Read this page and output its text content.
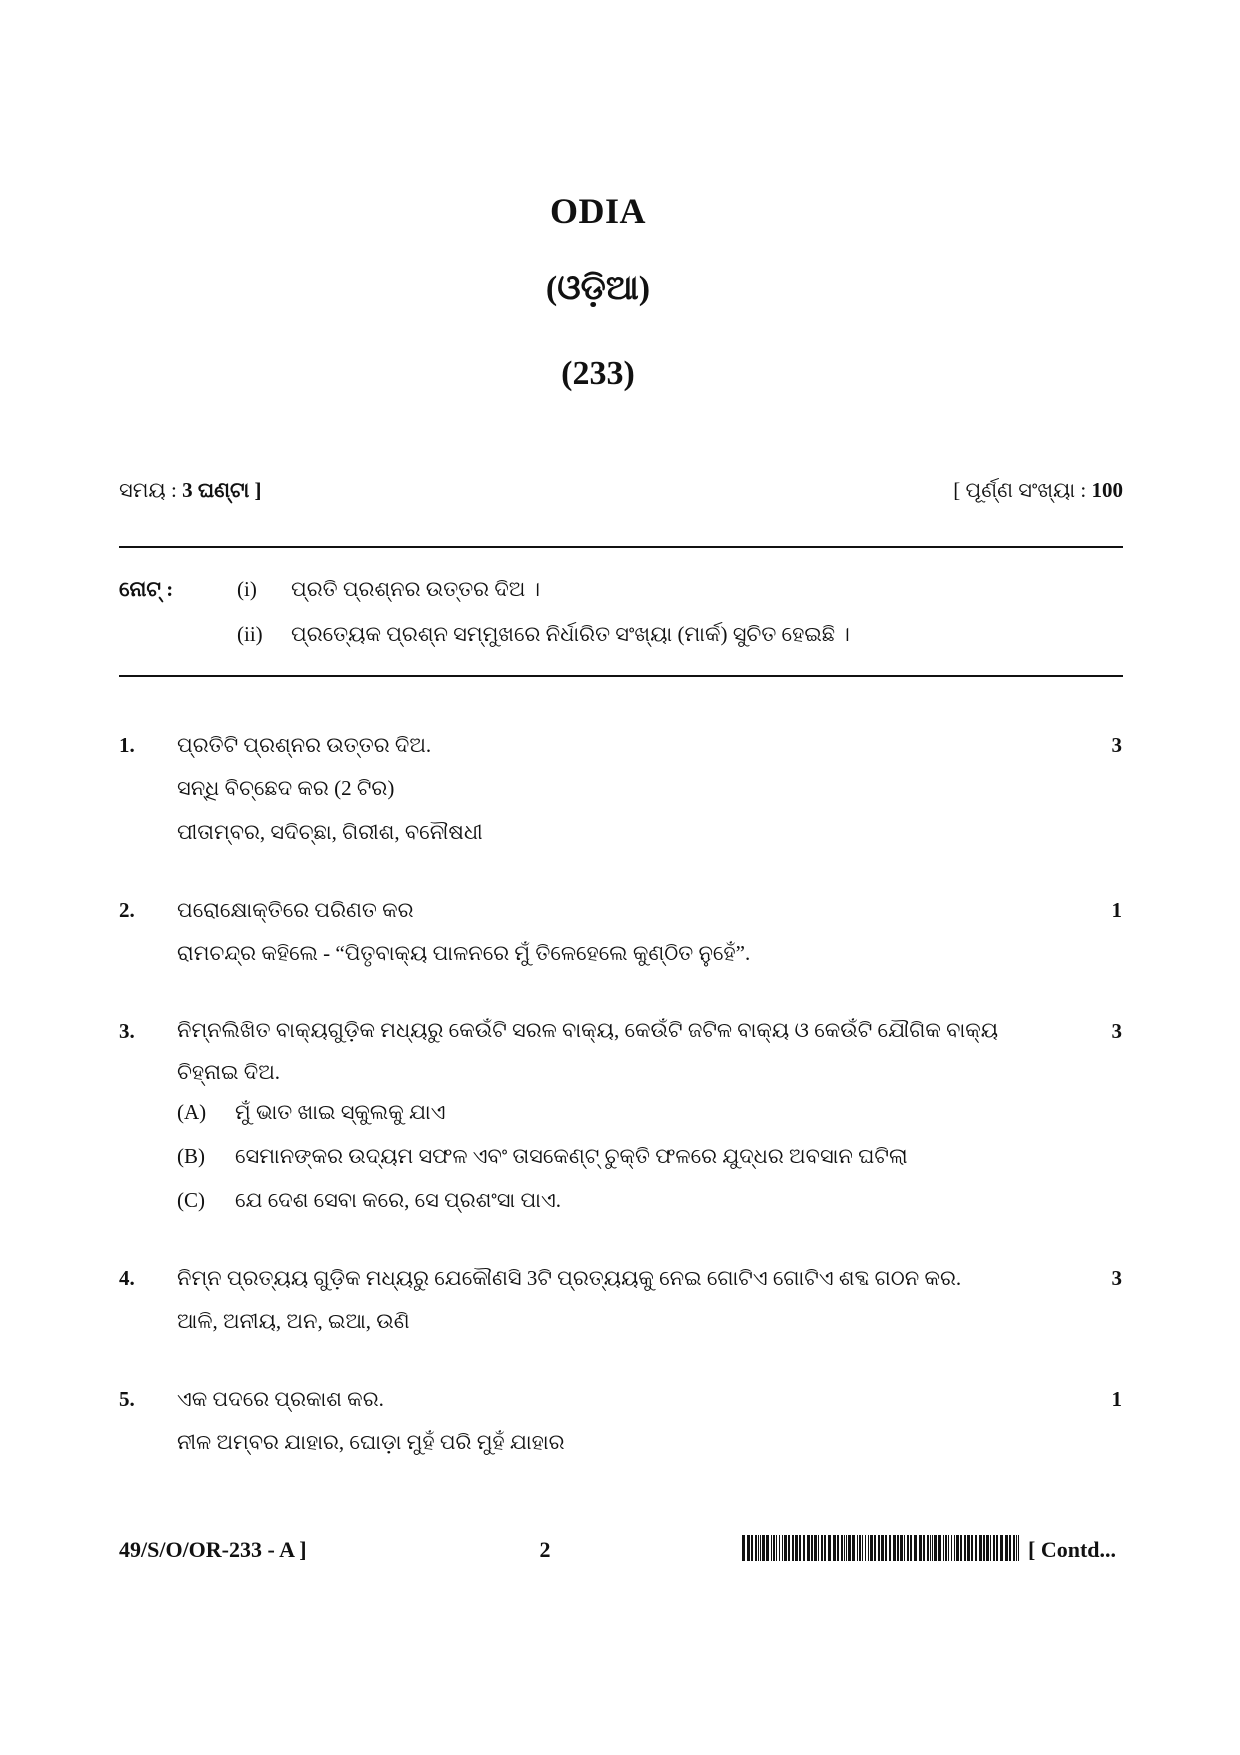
ODIA
(ଓଡ଼ିଆ)
(233)
ସମୟ : 3 ଘଣ୍ଟା ]	[ ପୂର୍ଣ୍ଣ ସଂଖ୍ୟା : 100
ନୋଟ୍ :	(i) ପ୍ରତି ପ୍ରଶ୍ନର ଉତ୍ତର ଦିଅ ।
(ii) ପ୍ରତ୍ୟେକ ପ୍ରଶ୍ନ ସମ୍ମୁଖରେ ନିର୍ଧାରିତ ସଂଖ୍ୟା (ମାର୍କ) ସୁଚିତ ହେଇଛି ।
1. ପ୍ରତିଟି ପ୍ରଶ୍ନର ଉତ୍ତର ଦିଅ.	3
ସନ୍ଧି ବିଚ୍ଛେଦ କର (2 ଟିର)
ପୀତାମ୍ବର, ସଦିଚ୍ଛା, ଗିରୀଶ, ବନୌଷଧୀ
2. ପରୋକ୍ଷୋକ୍ତିରେ ପରିଣତ କର	1
ରାମଚନ୍ଦ୍ର କହିଲେ - “ପିତୃବାକ୍ୟ ପାଳନରେ ମୁଁ ତିଳେହେଲେ କୁଣ୍ଠିତ ନୁହେଁ”.
3. ନିମ୍ନଲିଖିତ ବାକ୍ୟଗୁଡ଼ିକ ମଧ୍ୟରୁ କେଉଁଟି ସରଳ ବାକ୍ୟ, କେଉଁଟି ଜଟିଳ ବାକ୍ୟ ଓ କେଉଁଟି ଯୌଗିକ ବାକ୍ୟ ଚିହ୍ନାଇ ଦିଅ.
3
(A) ମୁଁ ଭାତ ଖାଇ ସ୍କୁଲକୁ ଯାଏ
(B) ସେମାନଙ୍କର ଉଦ୍ୟମ ସଫଳ ଏବଂ ତାସକେଣ୍ଟ୍ ଚୁକ୍ତି ଫଳରେ ଯୁଦ୍ଧର ଅବସାନ ଘଟିଲା
(C) ଯେ ଦେଶ ସେବା କରେ, ସେ ପ୍ରଶଂସା ପାଏ.
4. ନିମ୍ନ ପ୍ରତ୍ୟୟ ଗୁଡ଼ିକ ମଧ୍ୟରୁ ଯେକୌଣସି 3ଟି ପ୍ରତ୍ୟୟକୁ ନେଇ ଗୋଟିଏ ଗୋଟିଏ ଶବ୍ଦ ଗଠନ କର.	3
ଆଳି, ଅନୀୟ, ଅନ, ଇଆ, ଉଣି
5. ଏକ ପଦରେ ପ୍ରକାଶ କର.	1
ନୀଳ ଅମ୍ବର ଯାହାର, ଘୋଡ଼ା ମୁହଁ ପରି ମୁହଁ ଯାହାର
49/S/O/OR-233 - A ]	2	[ Contd...
